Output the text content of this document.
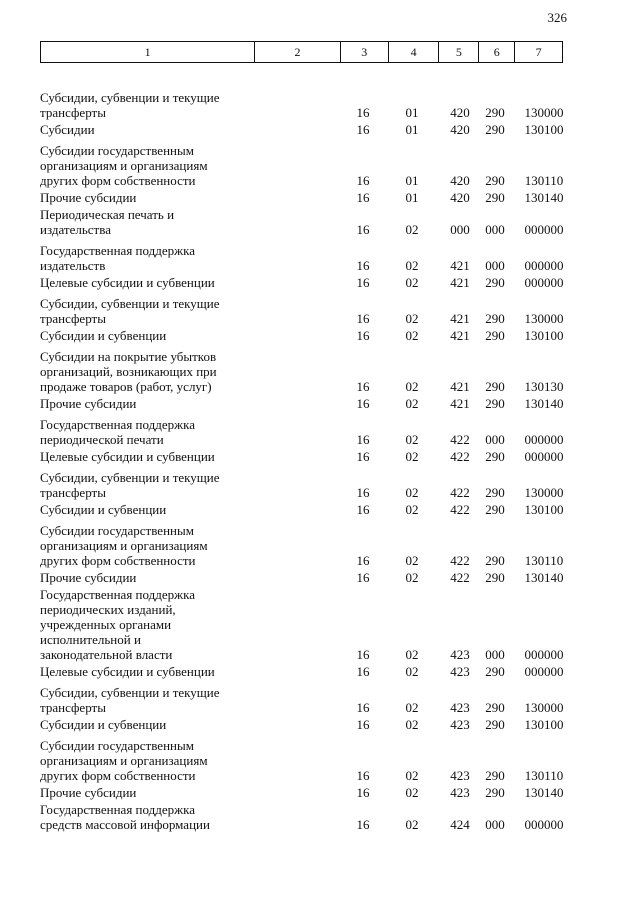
326
1	2	3	4	5	6	7
Субсидии, субвенции и текущие
трансферты	16	01	420	290	130000
Субсидии	16	01	420	290	130100
Субсидии государственным
организациям и организациям
других форм собственности	16	01	420	290	130110
Прочие субсидии	16	01	420	290	130140
Периодическая печать и
издательства	16	02	000	000	000000
Государственная поддержка
издательств	16	02	421	000	000000
Целевые субсидии и субвенции	16	02	421	290	000000
Субсидии, субвенции и текущие
трансферты	16	02	421	290	130000
Субсидии и субвенции	16	02	421	290	130100
Субсидии на покрытие убытков
организаций, возникающих при
продаже товаров (работ, услуг)	16	02	421	290	130130
Прочие субсидии	16	02	421	290	130140
Государственная поддержка
периодической печати	16	02	422	000	000000
Целевые субсидии и субвенции	16	02	422	290	000000
Субсидии, субвенции и текущие
трансферты	16	02	422	290	130000
Субсидии и субвенции	16	02	422	290	130100
Субсидии государственным
организациям и организациям
других форм собственности	16	02	422	290	130110
Прочие субсидии	16	02	422	290	130140
Государственная поддержка
периодических изданий,
учрежденных органами
исполнительной и
законодательной власти	16	02	423	000	000000
Целевые субсидии и субвенции	16	02	423	290	000000
Субсидии, субвенции и текущие
трансферты	16	02	423	290	130000
Субсидии и субвенции	16	02	423	290	130100
Субсидии государственным
организациям и организациям
других форм собственности	16	02	423	290	130110
Прочие субсидии	16	02	423	290	130140
Государственная поддержка
средств массовой информации	16	02	424	000	000000
